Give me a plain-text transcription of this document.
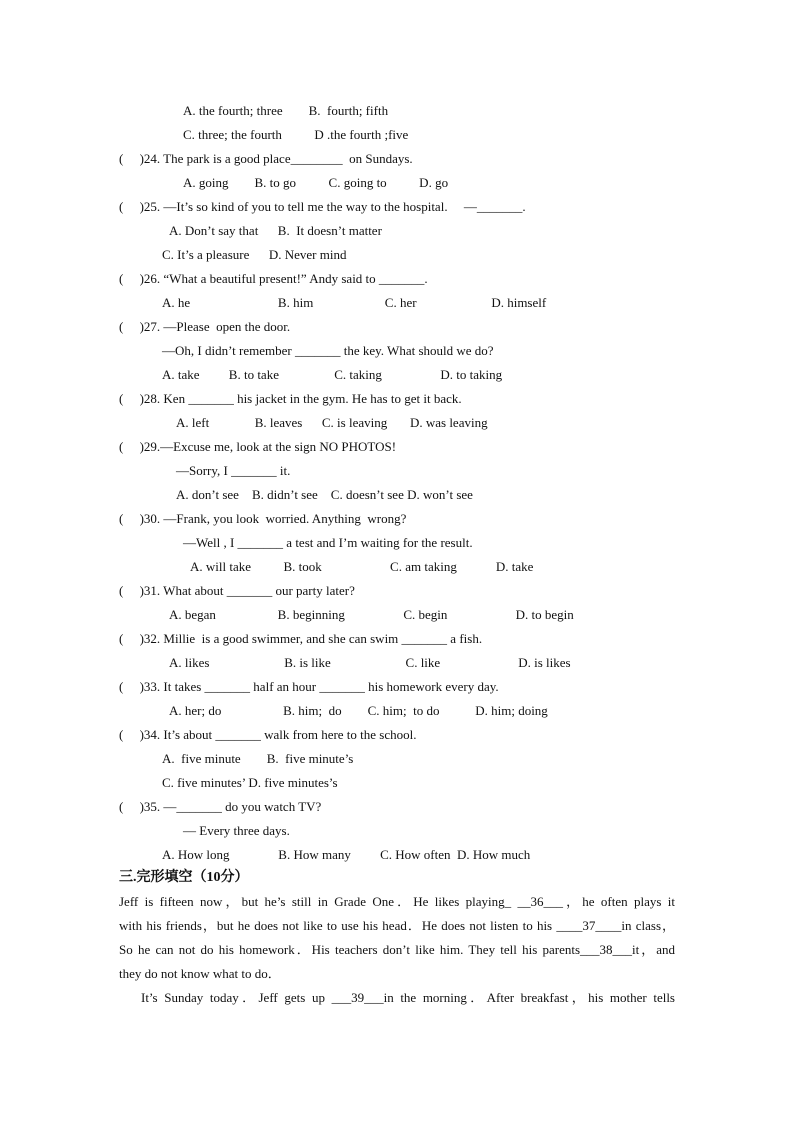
A. the fourth; three        B.  fourth; fifth
C. three; the fourth          D .the fourth ;five
(     )24. The park is a good place________  on Sundays.
A. going        B. to go          C. going to          D. go
(     )25. —It’s so kind of you to tell me the way to the hospital.     —_______.
A. Don’t say that      B.  It doesn’t matter
C. It’s a pleasure      D. Never mind
(     )26. “What a beautiful present!” Andy said to _______.
A. he                           B. him                      C. her                       D. himself
(     )27. —Please  open the door.
—Oh, I didn’t remember _______ the key. What should we do?
A. take         B. to take                 C. taking                  D. to taking
(     )28. Ken _______ his jacket in the gym. He has to get it back.
A. left              B. leaves      C. is leaving       D. was leaving
(     )29.—Excuse me, look at the sign NO PHOTOS!
—Sorry, I _______ it.
A. don’t see    B. didn’t see    C. doesn’t see D. won’t see
(     )30. —Frank, you look  worried. Anything  wrong?
—Well , I _______ a test and I’m waiting for the result.
A. will take          B. took                     C. am taking            D. take
(     )31. What about _______ our party later?
A. began                   B. beginning                  C. begin                     D. to begin
(     )32. Millie  is a good swimmer, and she can swim _______ a fish.
A. likes                       B. is like                       C. like                        D. is likes
(     )33. It takes _______ half an hour _______ his homework every day.
A. her; do                   B. him;  do        C. him;  to do           D. him; doing
(     )34. It’s about _______ walk from here to the school.
A.  five minute        B.  five minute’s
C. five minutes’ D. five minutes’s
(     )35. —_______ do you watch TV?
— Every three days.
A. How long               B. How many         C. How often  D. How much
三.完形填空（10分）
Jeff is fifteen now，but he’s still in Grade One．He likes playing_ __36___，he often plays it
with his friends，but he does not like to use his head．He does not listen to his ____37____in class，
So he can not do his homework．His teachers don’t like him. They tell his parents___38___it，and
they do not know what to do．
It’s Sunday today．Jeff gets up ___39___in the morning．After breakfast，his mother tells
